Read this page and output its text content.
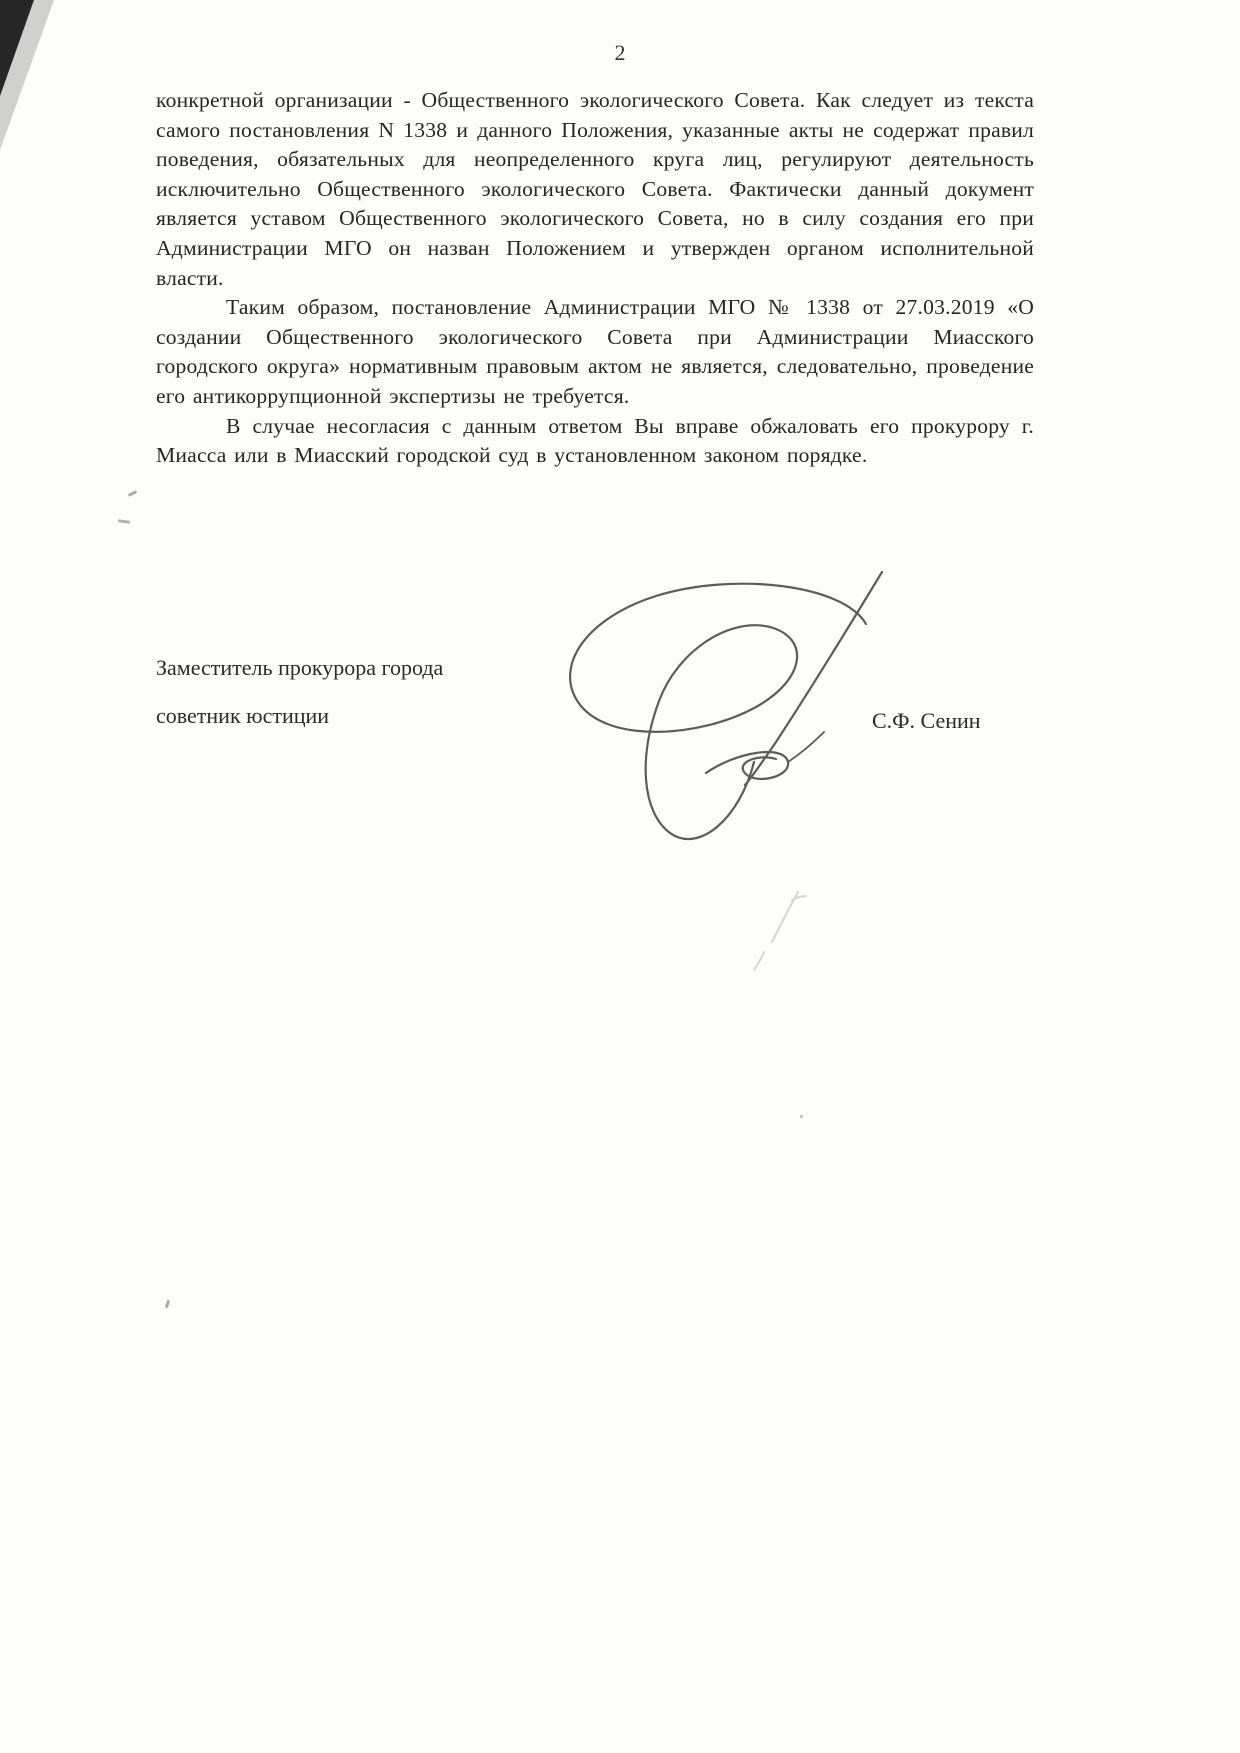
2

конкретной организации - Общественного экологического Совета. Как следует из текста самого постановления N 1338 и данного Положения, указанные акты не содержат правил поведения, обязательных для неопределенного круга лиц, регулируют деятельность исключительно Общественного экологического Совета. Фактически данный документ является уставом Общественного экологического Совета, но в силу создания его при Администрации МГО он назван Положением и утвержден органом исполнительной власти.

Таким образом, постановление Администрации МГО № 1338 от 27.03.2019 «О создании Общественного экологического Совета при Администрации Миасского городского округа» нормативным правовым актом не является, следовательно, проведение его антикоррупционной экспертизы не требуется.

В случае несогласия с данным ответом Вы вправе обжаловать его прокурору г. Миасса или в Миасский городской суд в установленном законом порядке.

Заместитель прокурора города
советник юстиции	С.Ф. Сенин
